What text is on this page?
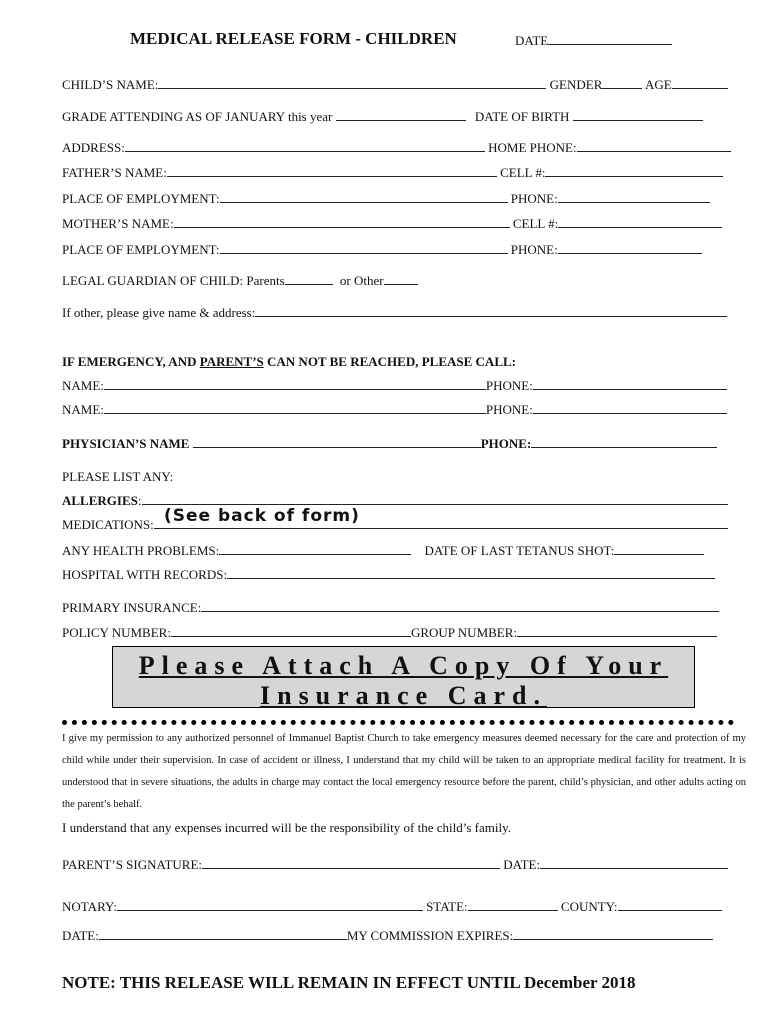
MEDICAL RELEASE FORM - CHILDREN	DATE
CHILD’S NAME:	GENDER	AGE
GRADE ATTENDING AS OF JANUARY this year	DATE OF BIRTH
ADDRESS:	HOME PHONE:
FATHER’S NAME:	CELL #:
PLACE OF EMPLOYMENT:	PHONE:
MOTHER’S NAME:	CELL #:
PLACE OF EMPLOYMENT:	PHONE:
LEGAL GUARDIAN OF CHILD: Parents	or Other
If other, please give name & address:
IF EMERGENCY, AND PARENT’S CAN NOT BE REACHED, PLEASE CALL:
NAME:	PHONE:
NAME:	PHONE:
PHYSICIAN’S NAME	PHONE:
PLEASE LIST ANY:
ALLERGIES:
MEDICATIONS: (See back of form)
ANY HEALTH PROBLEMS:	DATE OF LAST TETANUS SHOT:
HOSPITAL WITH RECORDS:
PRIMARY INSURANCE:
POLICY NUMBER:	GROUP NUMBER:
Please Attach A Copy Of Your
Insurance Card.
I give my permission to any authorized personnel of Immanuel Baptist Church to take emergency measures deemed necessary for the care and protection of my child while under their supervision. In case of accident or illness, I understand that my child will be taken to an appropriate medical facility for treatment. It is understood that in severe situations, the adults in charge may contact the local emergency resource before the parent, child’s physician, and other adults acting on the parent’s behalf.
I understand that any expenses incurred will be the responsibility of the child’s family.
PARENT’S SIGNATURE:	DATE:
NOTARY:	STATE:	COUNTY:
DATE:	MY COMMISSION EXPIRES:
NOTE: THIS RELEASE WILL REMAIN IN EFFECT UNTIL December 2018
